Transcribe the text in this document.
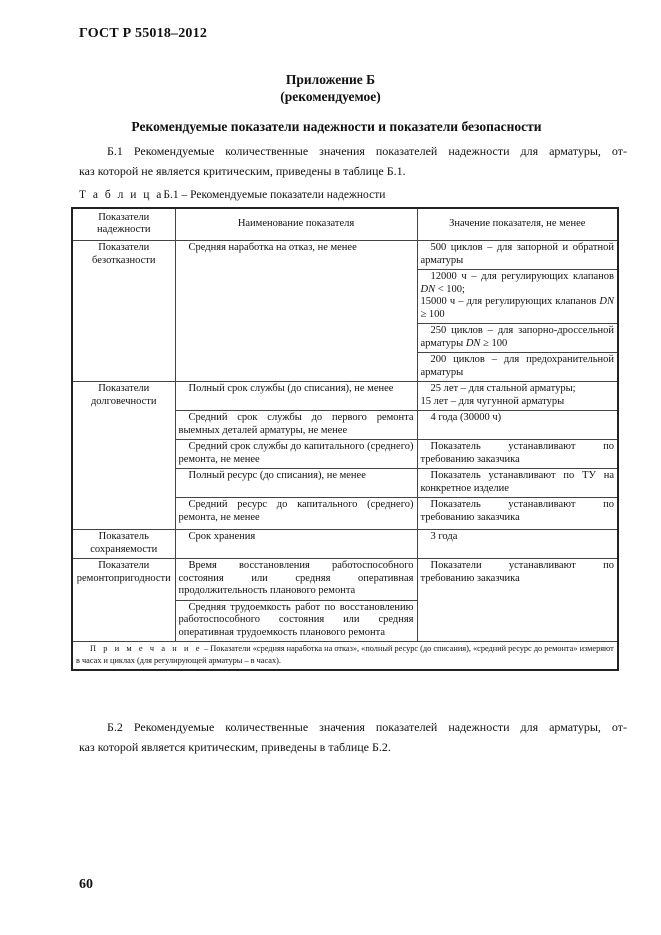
ГОСТ Р 55018–2012
Приложение Б
(рекомендуемое)
Рекомендуемые показатели надежности и показатели безопасности
Б.1 Рекомендуемые количественные значения показателей надежности для арматуры, от-
каз которой не является критическим, приведены в таблице Б.1.
Т а б л и ц аБ.1 – Рекомендуемые показатели надежности
Показатели надежности	Наименование показателя	Значение показателя, не менее
Показатели безотказности	Средняя наработка на отказ, не менее	500 циклов – для запорной и обратной арматуры
		12000 ч – для регулирующих клапанов DN < 100;
15000 ч – для регулирующих клапанов DN ≥ 100
		250 циклов – для запорно-дроссельной арматуры DN ≥ 100
		200 циклов – для предохранительной арматуры
Показатели долговечности	Полный срок службы (до списания), не менее	25 лет – для стальной арматуры;
15 лет – для чугунной арматуры
	Средний срок службы до первого ремонта выемных деталей арматуры, не менее	4 года (30000 ч)
	Средний срок службы до капитального (среднего) ремонта, не менее	Показатель устанавливают по требованию заказчика
	Полный ресурс (до списания), не менее	Показатель устанавливают по ТУ на конкретное изделие
	Средний ресурс до капитального (среднего) ремонта, не менее	Показатель устанавливают по требованию заказчика
Показатель сохраняемости	Срок хранения	3 года
Показатели ремонтопригодности	Время восстановления работоспособного состояния или средняя оперативная продолжительность планового ремонта	Показатели устанавливают по требованию заказчика
	Средняя трудоемкость работ по восстановлению работоспособного состояния или средняя оперативная трудоемкость планового ремонта	
П р и м е ч а н и е – Показатели «средняя наработка на отказ», «полный ресурс (до списания), «средний ресурс до ремонта» измеряют в часах и циклах (для регулирующей арматуры – в часах).		
Б.2 Рекомендуемые количественные значения показателей надежности для арматуры, от-
каз которой является критическим, приведены в таблице Б.2.
60
